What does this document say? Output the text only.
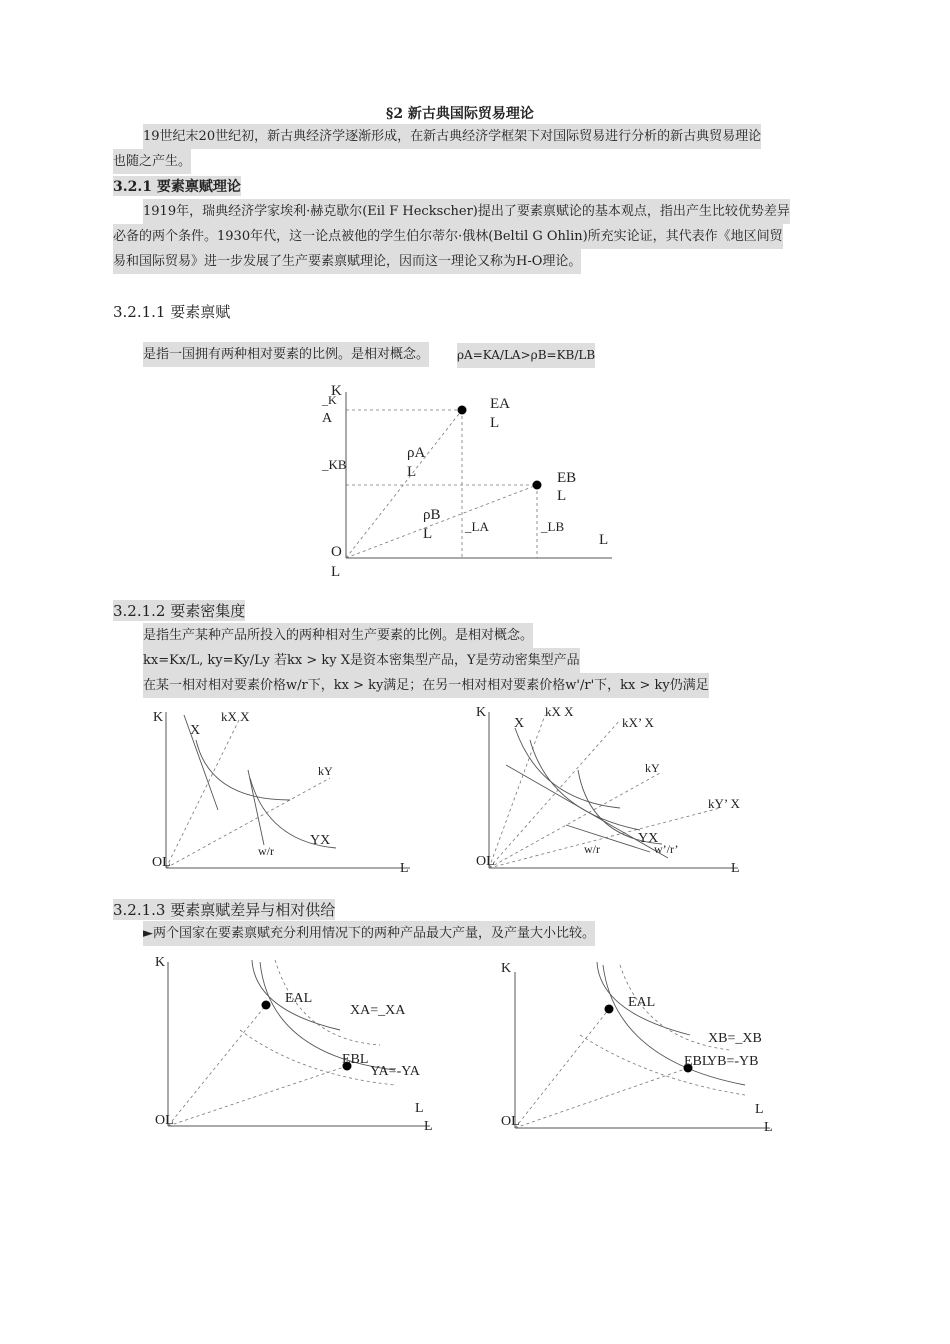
§2 新古典国际贸易理论
19世纪末20世纪初，新古典经济学逐渐形成，在新古典经济学框架下对国际贸易进行分析的新古典贸易理论
也随之产生。
3.2.1 要素禀赋理论
1919年，瑞典经济学家埃利·赫克歇尔(Eil F Heckscher)提出了要素禀赋论的基本观点，指出产生比较优势差异
必备的两个条件。1930年代，这一论点被他的学生伯尔蒂尔·俄林(Beltil G Ohlin)所充实论证，其代表作《地区间贸
易和国际贸易》进一步发展了生产要素禀赋理论，因而这一理论又称为H-O理论。
3.2.1.1 要素禀赋
是指一国拥有两种相对要素的比例。是相对概念。 ρA=KA/LA>ρB=KB/LB
K
_K
A
_KB
EA
L
EB
L
ρA
L
ρB
L	_LA	_LB
L
O
L
3.2.1.2 要素密集度
是指生产某种产品所投入的两种相对生产要素的比例。是相对概念。
kx=Kx/L, ky=Ky/Ly 若kx > ky X是资本密集型产品，Y是劳动密集型产品
在某一相对相对要素价格w/r下，kx > ky满足；在另一相对相对要素价格w'/r'下，kx > ky仍满足
K
X
kX X
kY
YX
w/r
OL	L
K
X
kX X
kX’ X
kY
kY’ X
YX
w/r	w’/r’
OL	L
3.2.1.3 要素禀赋差异与相对供给
►两个国家在要素禀赋充分利用情况下的两种产品最大产量，及产量大小比较。
K
EAL
XA=_XA
EBL
YA=-YA
L
L
OL
K
EAL
XB=_XB
EBL
YB=-YB
L
L
OL
